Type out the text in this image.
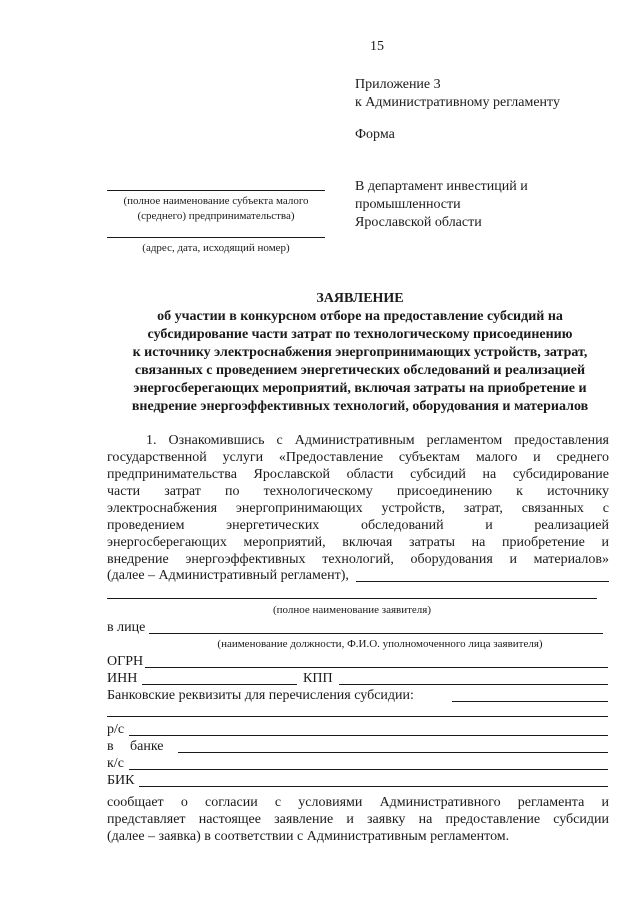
15
Приложение 3
к Административному регламенту
Форма
(полное наименование субъекта малого
(среднего) предпринимательства)
(адрес, дата, исходящий номер)
В департамент инвестиций и
промышленности
Ярославской области
ЗАЯВЛЕНИЕ
об участии в конкурсном отборе на предоставление субсидий на
субсидирование части затрат по технологическому присоединению
к источнику электроснабжения энергопринимающих устройств, затрат,
связанных с проведением энергетических обследований и реализацией
энергосберегающих мероприятий, включая затраты на приобретение и
внедрение энергоэффективных технологий, оборудования и материалов
1. Ознакомившись с Административным регламентом предоставления
государственной услуги «Предоставление субъектам малого и среднего
предпринимательства Ярославской области субсидий на субсидирование
части затрат по технологическому присоединению к источнику
электроснабжения энергопринимающих устройств, затрат, связанных с
проведением энергетических обследований и реализацией
энергосберегающих мероприятий, включая затраты на приобретение и
внедрение энергоэффективных технологий, оборудования и материалов»
(далее – Административный регламент),
(полное наименование заявителя)
в лице
(наименование должности, Ф.И.О. уполномоченного лица заявителя)
ОГРН
ИНН	КПП
Банковские реквизиты для перечисления субсидии:
р/с
в банке
к/с
БИК
сообщает о согласии с условиями Административного регламента и
представляет настоящее заявление и заявку на предоставление субсидии
(далее – заявка) в соответствии с Административным регламентом.
